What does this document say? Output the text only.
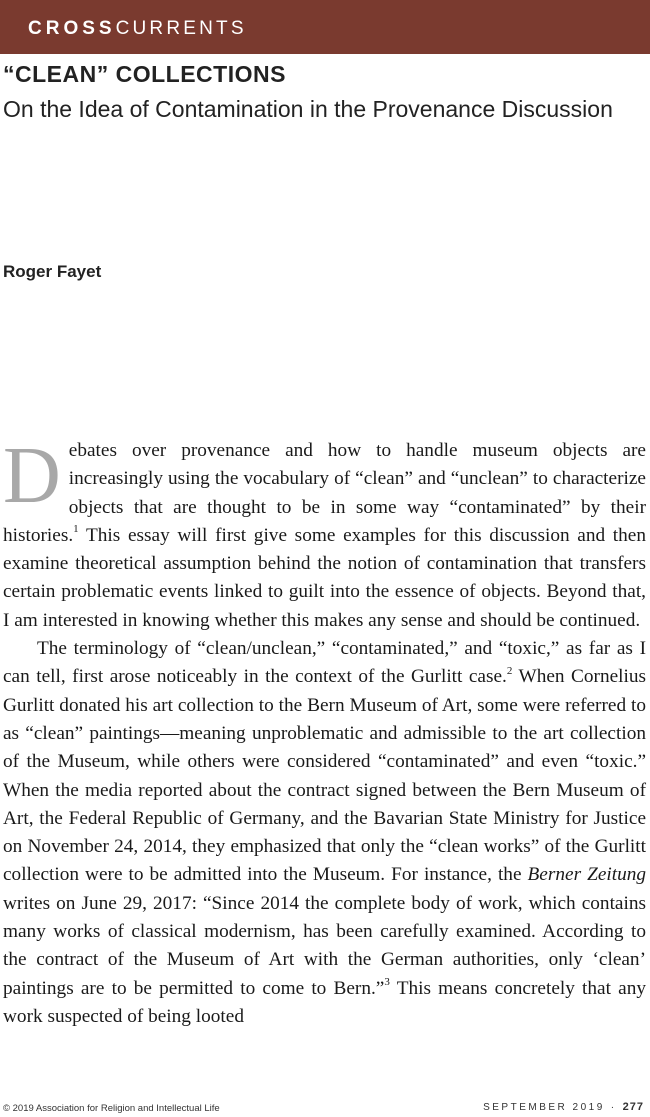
CROSSCURRENTS
“CLEAN” COLLECTIONS
On the Idea of Contamination in the Provenance Discussion
Roger Fayet

Debates over provenance and how to handle museum objects are increasingly using the vocabulary of “clean” and “unclean” to characterize objects that are thought to be in some way “contaminated” by their histories.$^1$ This essay will first give some examples for this discussion and then examine theoretical assumption behind the notion of contamination that transfers certain problematic events linked to guilt into the essence of objects. Beyond that, I am interested in knowing whether this makes any sense and should be continued.

The terminology of “clean/unclean,” “contaminated,” and “toxic,” as far as I can tell, first arose noticeably in the context of the Gurlitt case.$^2$ When Cornelius Gurlitt donated his art collection to the Bern Museum of Art, some were referred to as “clean” paintings—meaning unproblematic and admissible to the art collection of the Museum, while others were considered “contaminated” and even “toxic.” When the media reported about the contract signed between the Bern Museum of Art, the Federal Republic of Germany, and the Bavarian State Ministry for Justice on November 24, 2014, they emphasized that only the “clean works” of the Gurlitt collection were to be admitted into the Museum. For instance, the Berner Zeitung writes on June 29, 2017: “Since 2014 the complete body of work, which contains many works of classical modernism, has been carefully examined. According to the contract of the Museum of Art with the German authorities, only ‘clean’ paintings are to be permitted to come to Bern.”$^3$ This means concretely that any work suspected of being looted

© 2019 Association for Religion and Intellectual Life	SEPTEMBER 2019 · 277
